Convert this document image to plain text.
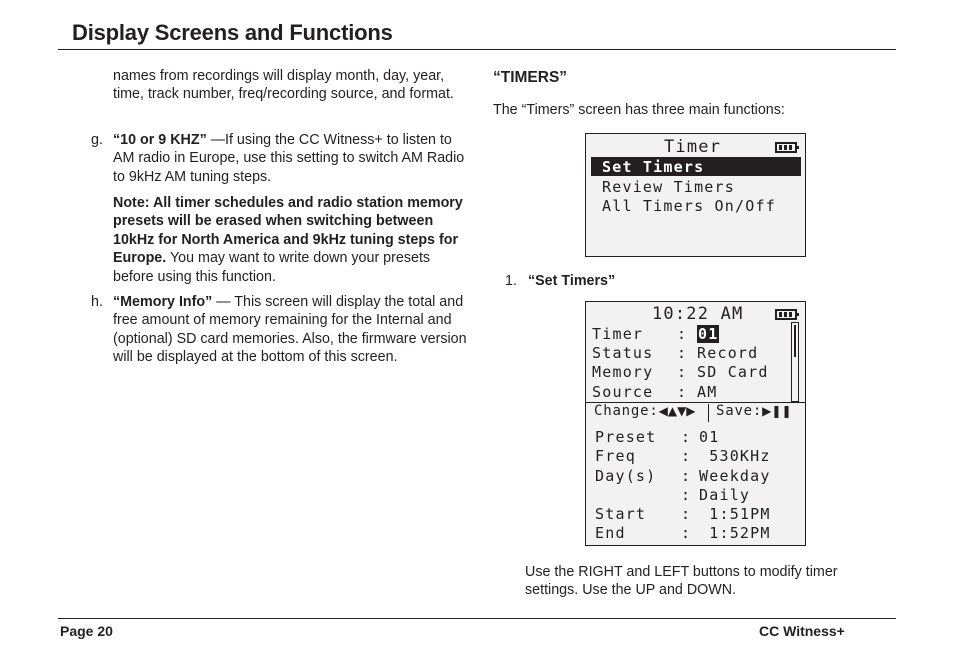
Display Screens and Functions
names from recordings will display month, day, year, time, track number, freq/recording source, and format.
g. “10 or 9 KHZ” —If using the CC Witness+ to listen to AM radio in Europe, use this setting to switch AM Radio to 9kHz AM tuning steps.
Note: All timer schedules and radio station memory presets will be erased when switching between 10kHz for North America and 9kHz tuning steps for Europe. You may want to write down your presets before using this function.
h. “Memory Info” — This screen will display the total and free amount of memory remaining for the Internal and (optional) SD card memories. Also, the firmware version will be displayed at the bottom of this screen.
“TIMERS”
The “Timers” screen has three main functions:
Timer
Set Timers
Review Timers
All Timers On/Off
1. “Set Timers”
10:22 AM
Timer : 01
Status : Record
Memory : SD Card
Source : AM
Change:◀▲▼▶ Save:▶❚❚
Preset : 01
Freq	: 530KHz
Day(s) : Weekday
: Daily
Start : 1:51PM
End	: 1:52PM
Use the RIGHT and LEFT buttons to modify timer settings. Use the UP and DOWN.
Page 20	CC Witness+
